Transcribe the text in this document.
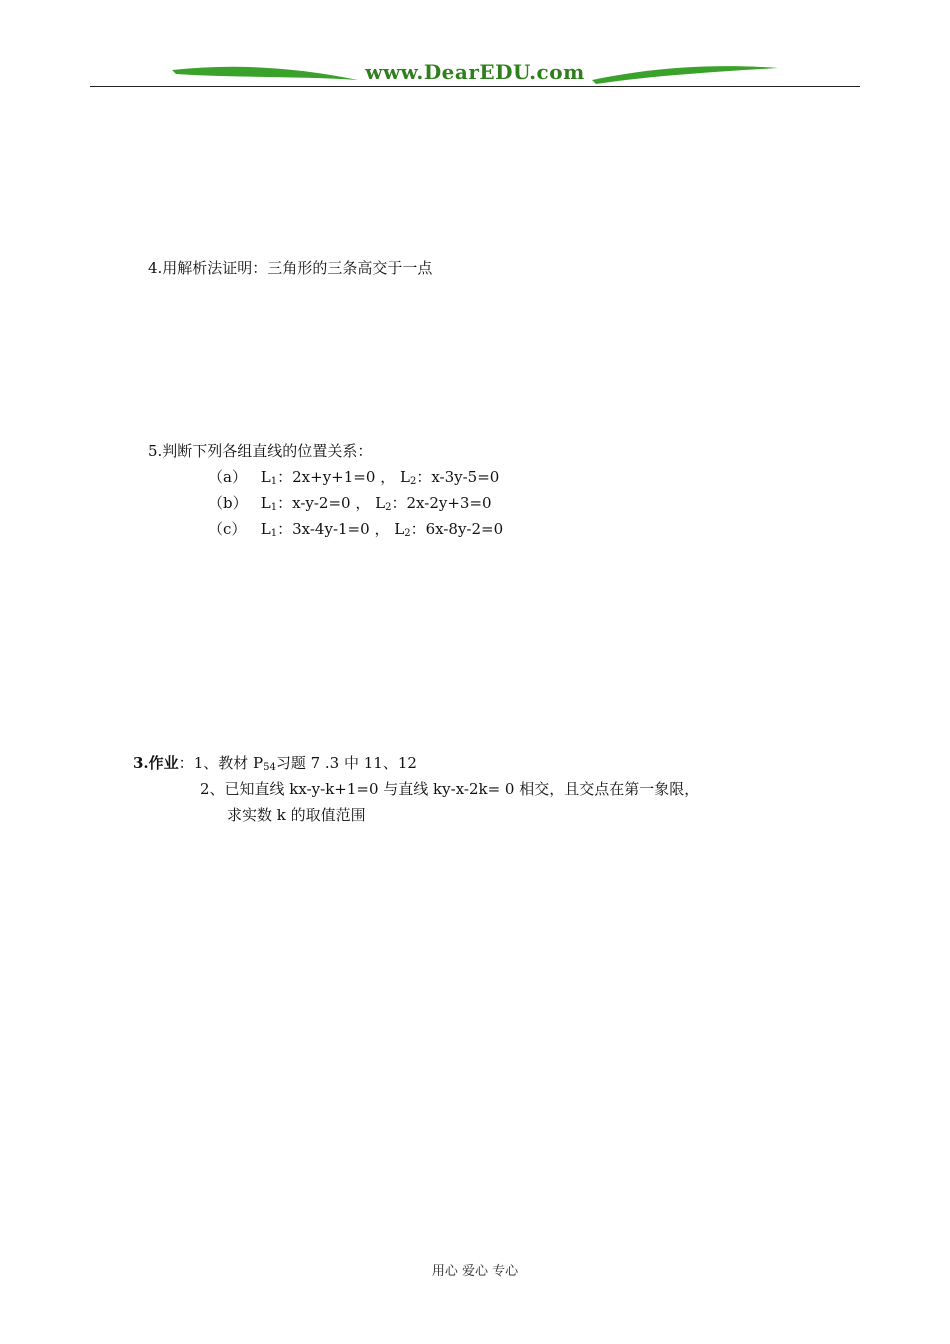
www.DearEDU.com
4.用解析法证明：三角形的三条高交于一点
5.判断下列各组直线的位置关系：
（a） $L_1$：2x+y+1=0 ， $L_2$：x-3y-5=0
（b） $L_1$：x-y-2=0 ， $L_2$：2x-2y+3=0
（c） $L_1$：3x-4y-1=0 ， $L_2$：6x-8y-2=0
3.作业：1、教材 $P_{54}$习题 7 .3 中 11、12
2、已知直线 kx-y-k+1=0 与直线 ky-x-2k= 0 相交，且交点在第一象限，
求实数 k 的取值范围
用心 爱心 专心
